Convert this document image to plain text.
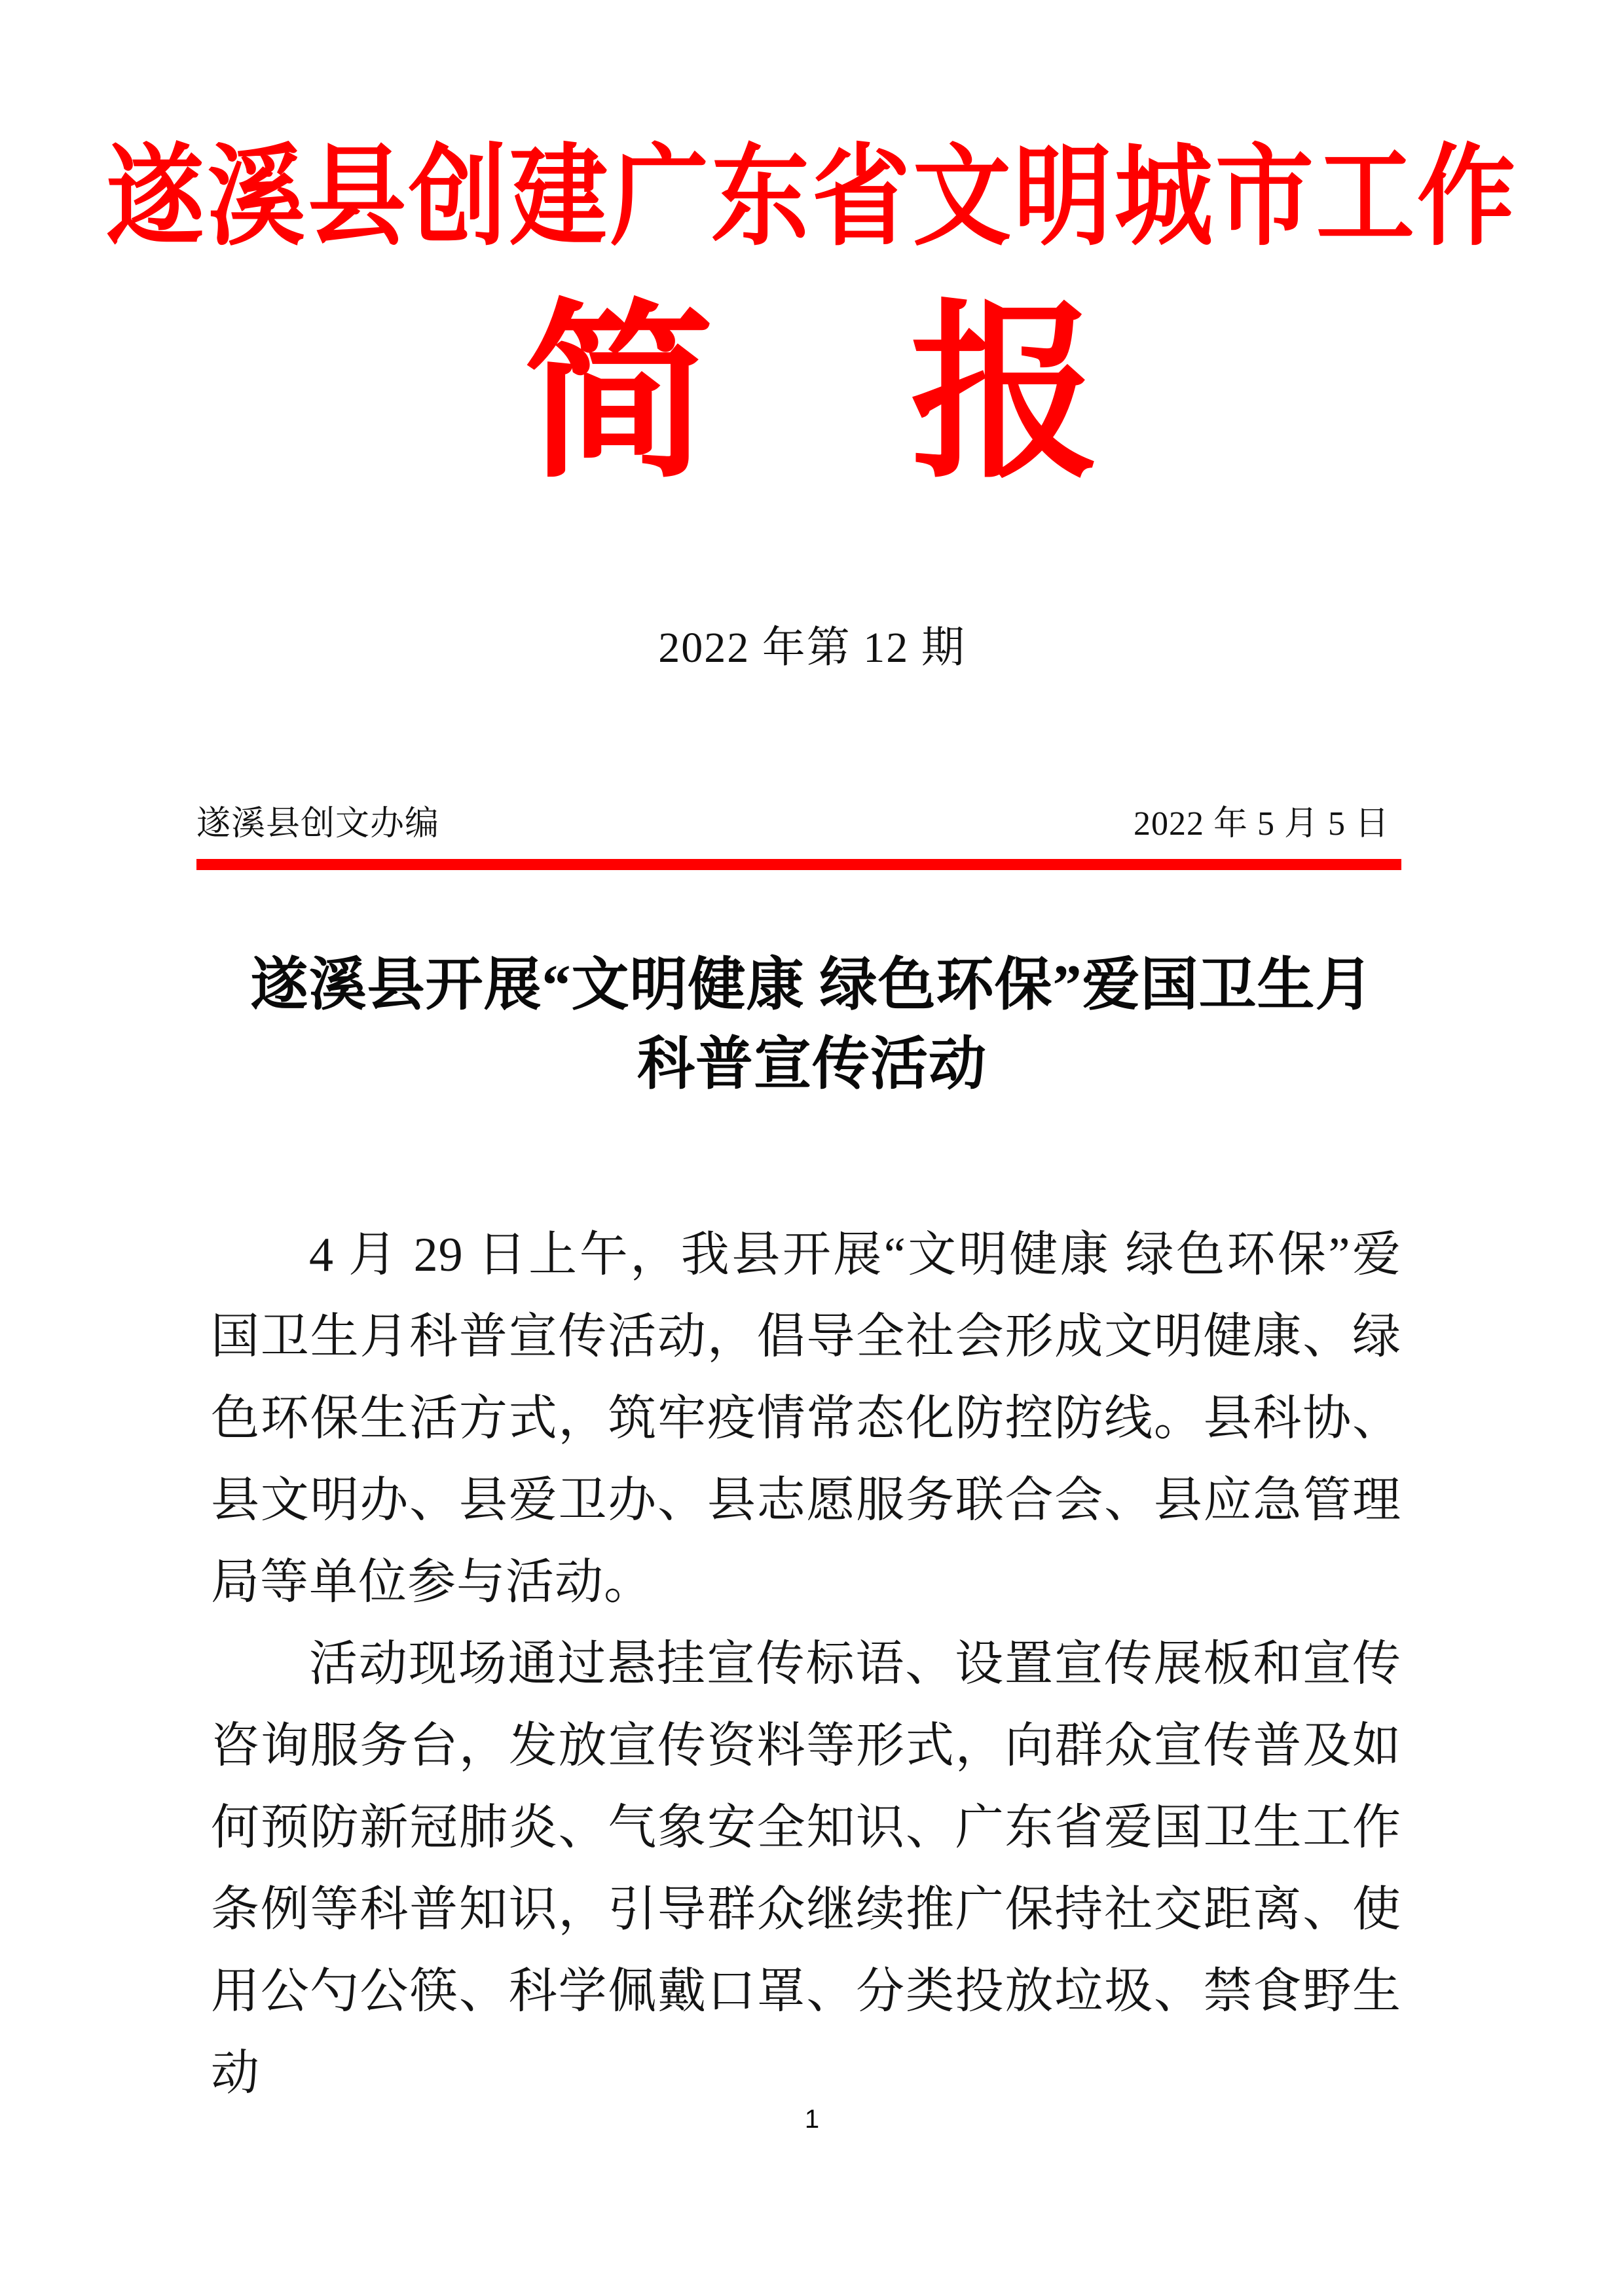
遂溪县创建广东省文明城市工作
简 报
2022 年第 12 期
遂溪县创文办编	2022 年 5 月 5 日
遂溪县开展“文明健康 绿色环保”爱国卫生月
科普宣传活动

4 月 29 日上午，我县开展“文明健康 绿色环保”爱国卫生月科普宣传活动，倡导全社会形成文明健康、绿色环保生活方式，筑牢疫情常态化防控防线。县科协、县文明办、县爱卫办、县志愿服务联合会、县应急管理局等单位参与活动。

活动现场通过悬挂宣传标语、设置宣传展板和宣传咨询服务台，发放宣传资料等形式，向群众宣传普及如何预防新冠肺炎、气象安全知识、广东省爱国卫生工作条例等科普知识，引导群众继续推广保持社交距离、使用公勺公筷、科学佩戴口罩、分类投放垃圾、禁食野生动

1
